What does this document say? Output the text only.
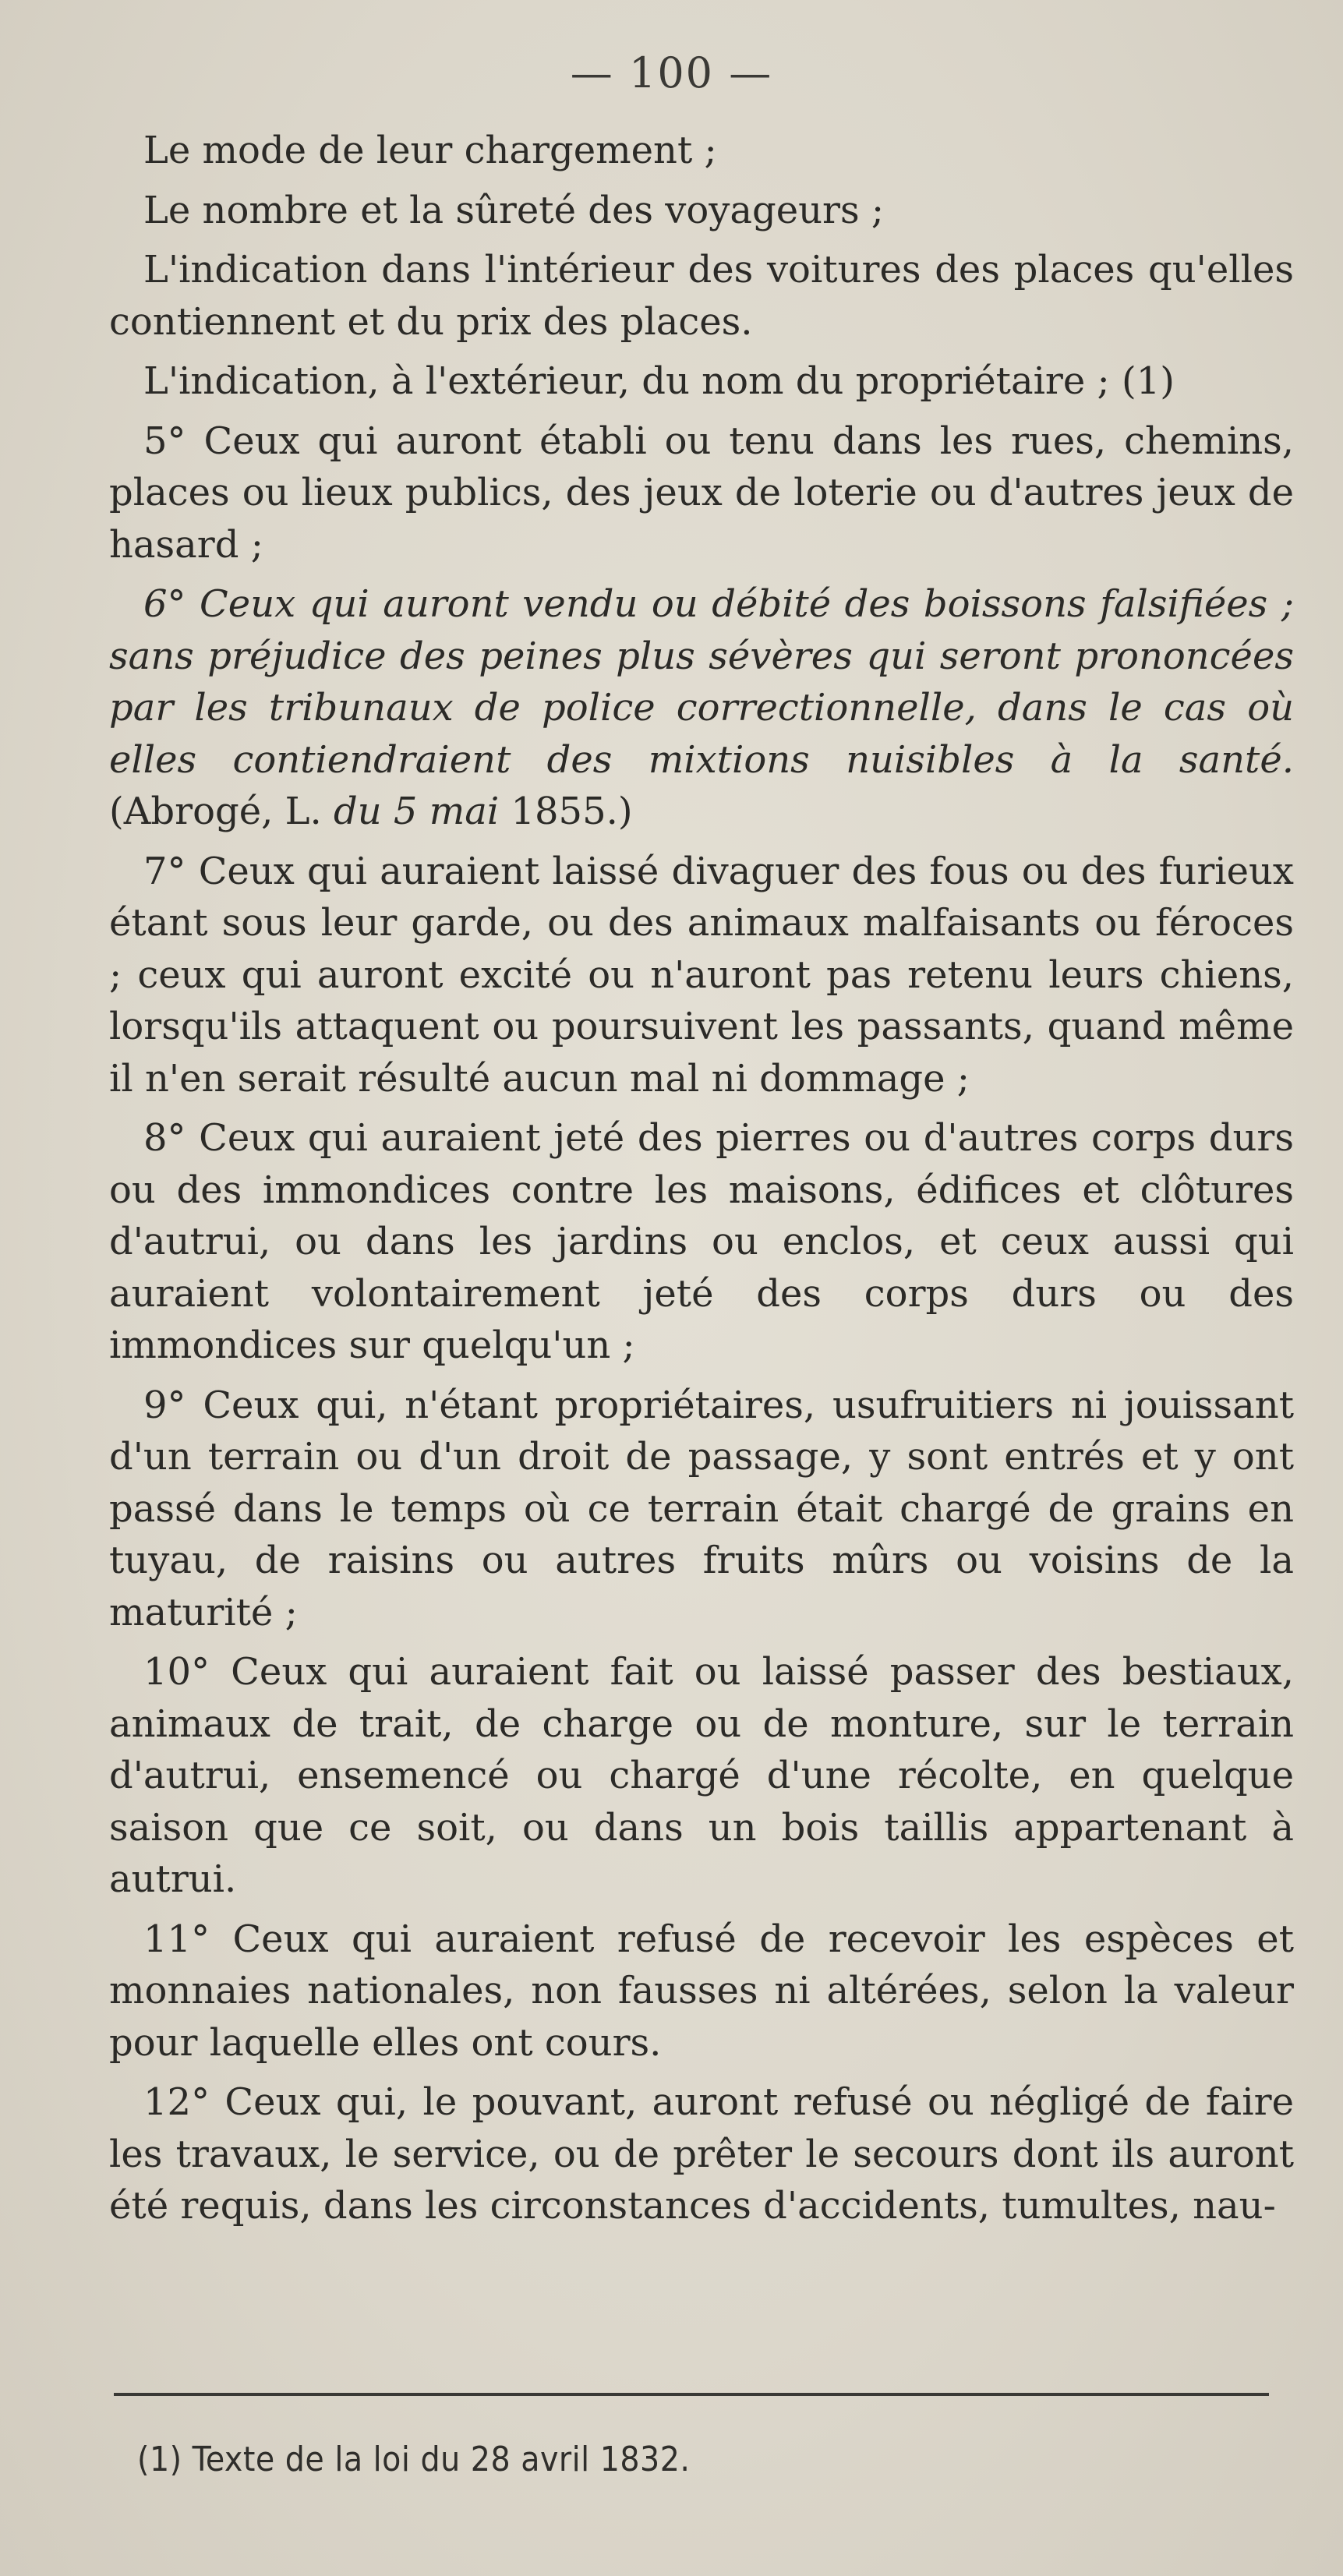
— 100 —

Le mode de leur chargement ;

Le nombre et la sûreté des voyageurs ;

L'indication dans l'intérieur des voitures des places qu'elles contiennent et du prix des places.

L'indication, à l'extérieur, du nom du propriétaire ; (1)

5° Ceux qui auront établi ou tenu dans les rues, chemins, places ou lieux publics, des jeux de loterie ou d'autres jeux de hasard ;

6° Ceux qui auront vendu ou débité des boissons falsifiées ; sans préjudice des peines plus sévères qui seront prononcées par les tribunaux de police correctionnelle, dans le cas où elles contiendraient des mixtions nuisibles à la santé. (Abrogé, L. du 5 mai 1855.)

7° Ceux qui auraient laissé divaguer des fous ou des furieux étant sous leur garde, ou des animaux malfaisants ou féroces ; ceux qui auront excité ou n'auront pas retenu leurs chiens, lorsqu'ils attaquent ou poursuivent les passants, quand même il n'en serait résulté aucun mal ni dommage ;

8° Ceux qui auraient jeté des pierres ou d'autres corps durs ou des immondices contre les maisons, édifices et clôtures d'autrui, ou dans les jardins ou enclos, et ceux aussi qui auraient volontairement jeté des corps durs ou des immondices sur quelqu'un ;

9° Ceux qui, n'étant propriétaires, usufruitiers ni jouissant d'un terrain ou d'un droit de passage, y sont entrés et y ont passé dans le temps où ce terrain était chargé de grains en tuyau, de raisins ou autres fruits mûrs ou voisins de la maturité ;

10° Ceux qui auraient fait ou laissé passer des bestiaux, animaux de trait, de charge ou de monture, sur le terrain d'autrui, ensemencé ou chargé d'une récolte, en quelque saison que ce soit, ou dans un bois taillis appartenant à autrui.

11° Ceux qui auraient refusé de recevoir les espèces et monnaies nationales, non fausses ni altérées, selon la valeur pour laquelle elles ont cours.

12° Ceux qui, le pouvant, auront refusé ou négligé de faire les travaux, le service, ou de prêter le secours dont ils auront été requis, dans les circonstances d'accidents, tumultes, nau-

(1) Texte de la loi du 28 avril 1832.
